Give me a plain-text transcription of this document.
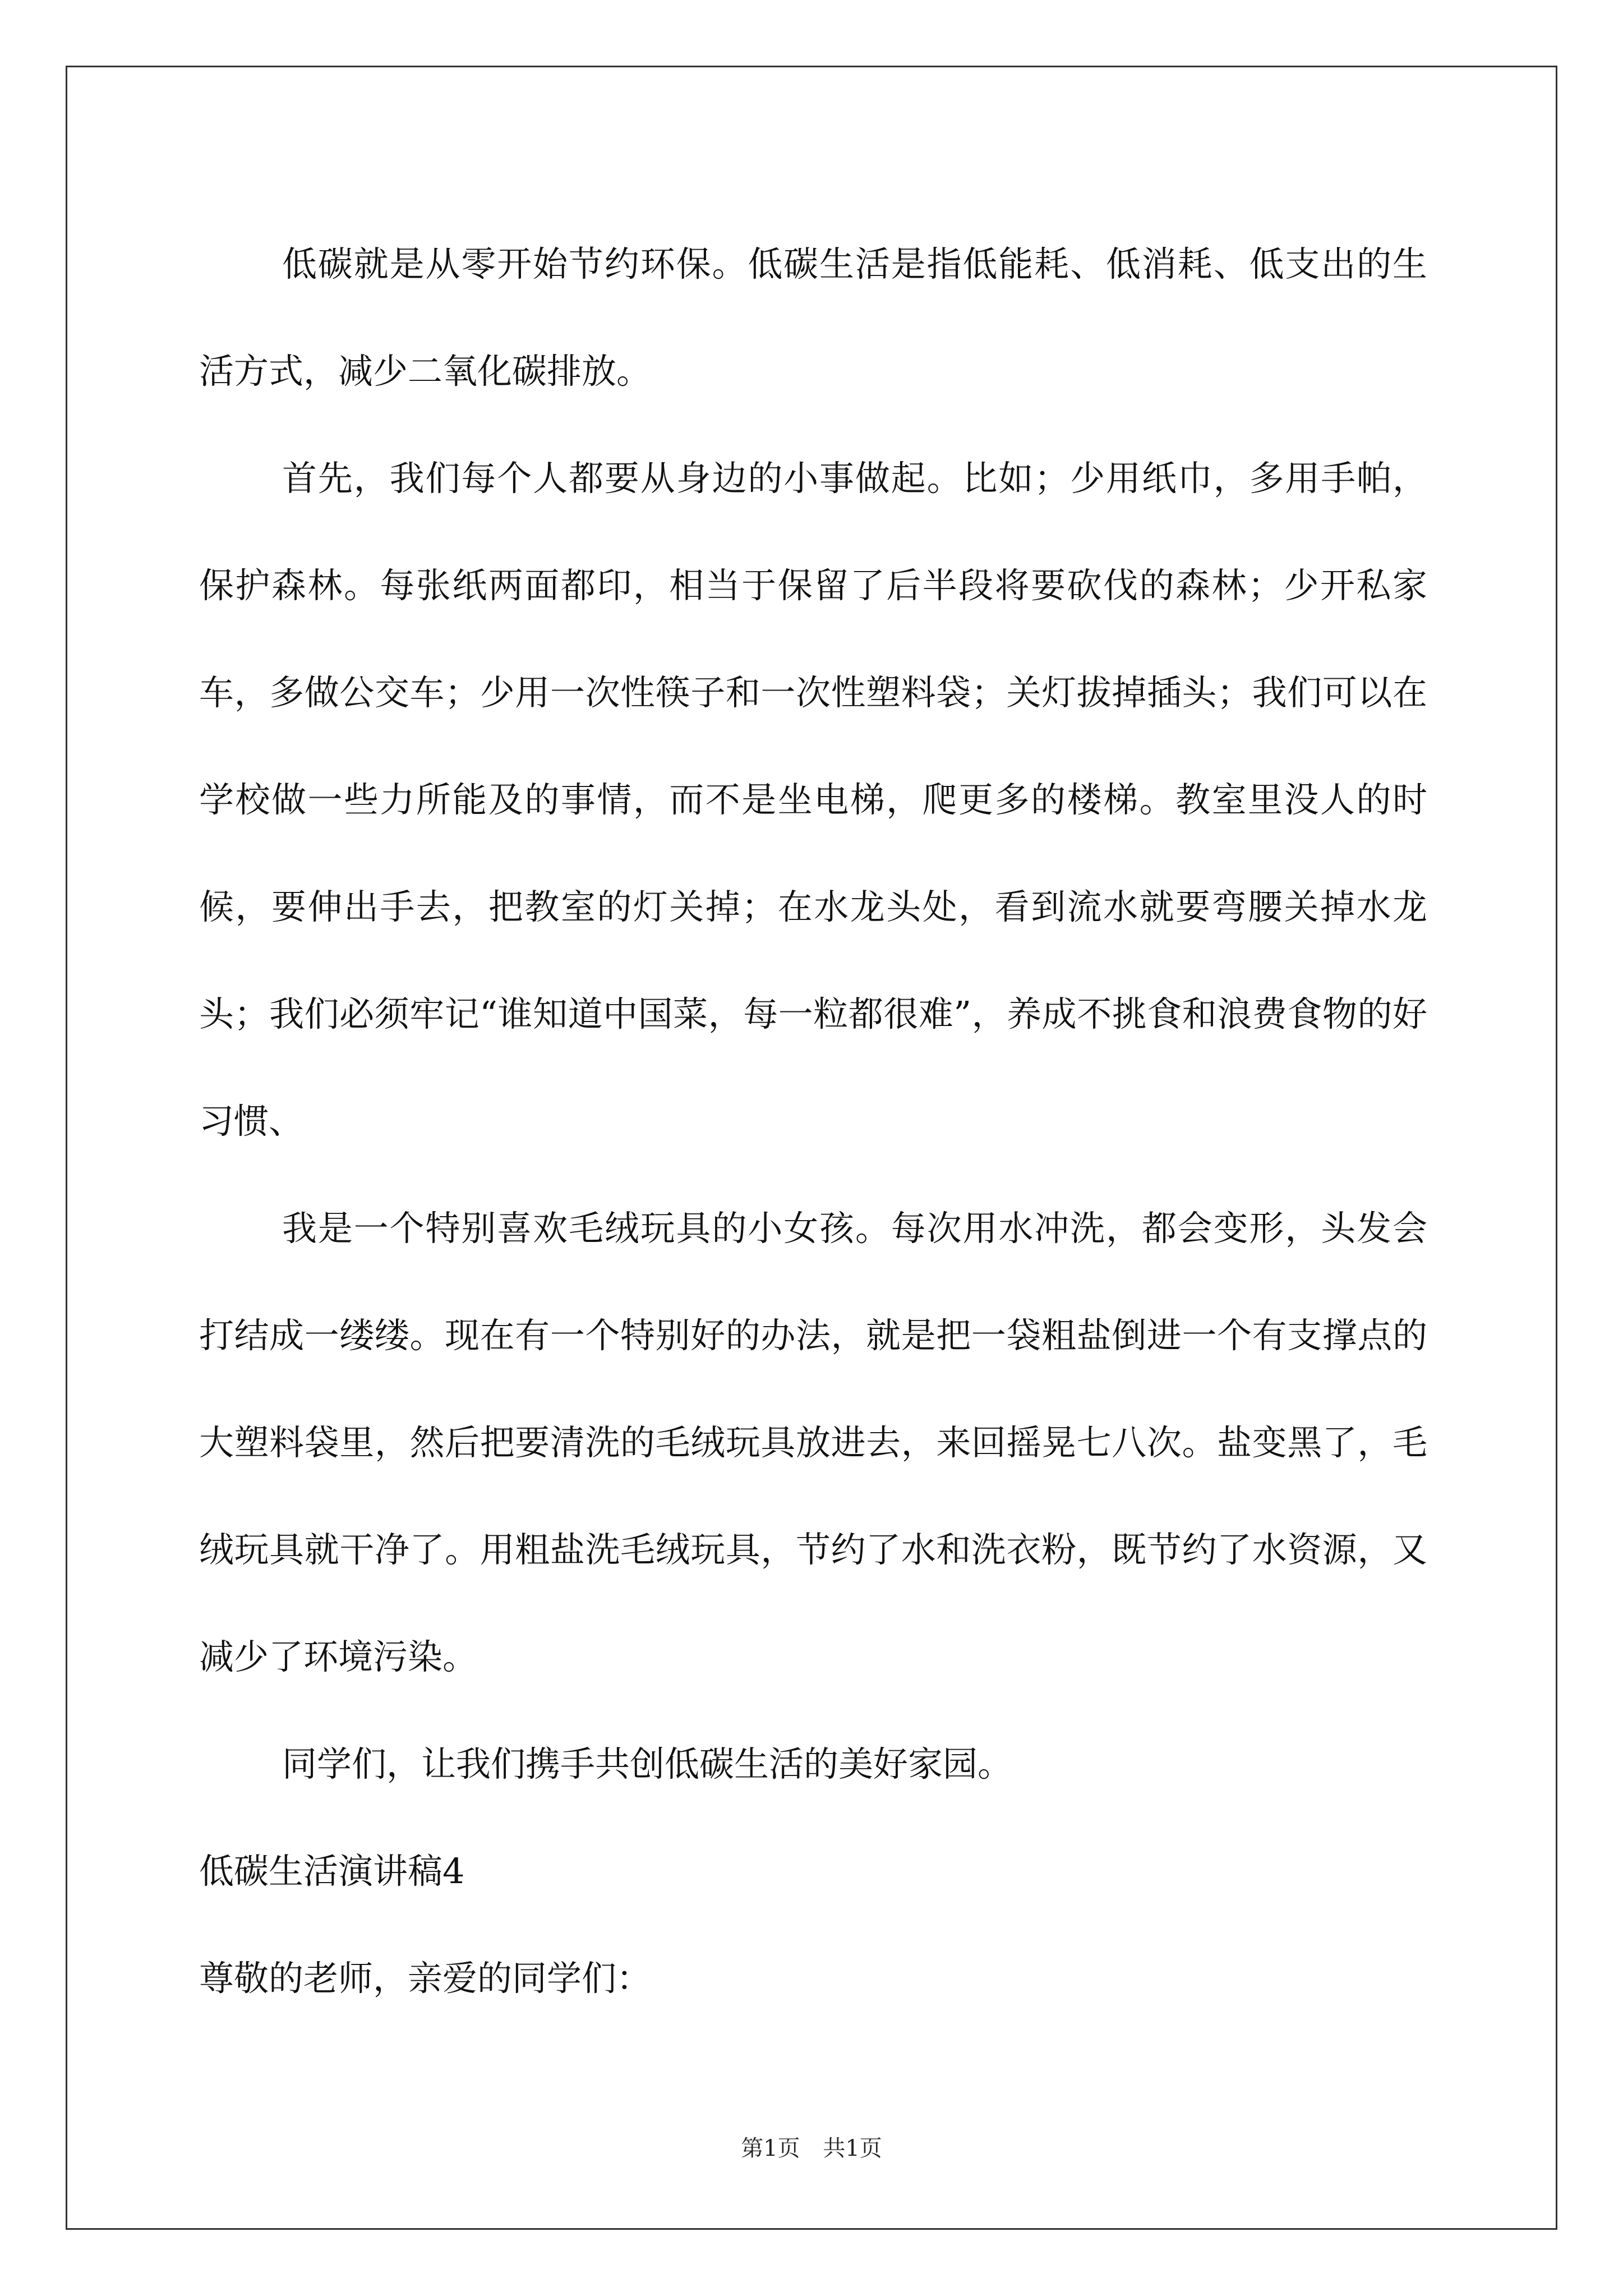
低碳就是从零开始节约环保。低碳生活是指低能耗、低消耗、低支出的生活方式，减少二氧化碳排放。

首先，我们每个人都要从身边的小事做起。比如；少用纸巾，多用手帕，保护森林。每张纸两面都印，相当于保留了后半段将要砍伐的森林；少开私家车，多做公交车；少用一次性筷子和一次性塑料袋；关灯拔掉插头；我们可以在学校做一些力所能及的事情，而不是坐电梯，爬更多的楼梯。教室里没人的时候，要伸出手去，把教室的灯关掉；在水龙头处，看到流水就要弯腰关掉水龙头；我们必须牢记“谁知道中国菜，每一粒都很难”，养成不挑食和浪费食物的好习惯、

我是一个特别喜欢毛绒玩具的小女孩。每次用水冲洗，都会变形，头发会打结成一缕缕。现在有一个特别好的办法，就是把一袋粗盐倒进一个有支撑点的大塑料袋里，然后把要清洗的毛绒玩具放进去，来回摇晃七八次。盐变黑了，毛绒玩具就干净了。用粗盐洗毛绒玩具，节约了水和洗衣粉，既节约了水资源，又减少了环境污染。

同学们，让我们携手共创低碳生活的美好家园。

低碳生活演讲稿4

尊敬的老师，亲爱的同学们：

第1页 共1页
